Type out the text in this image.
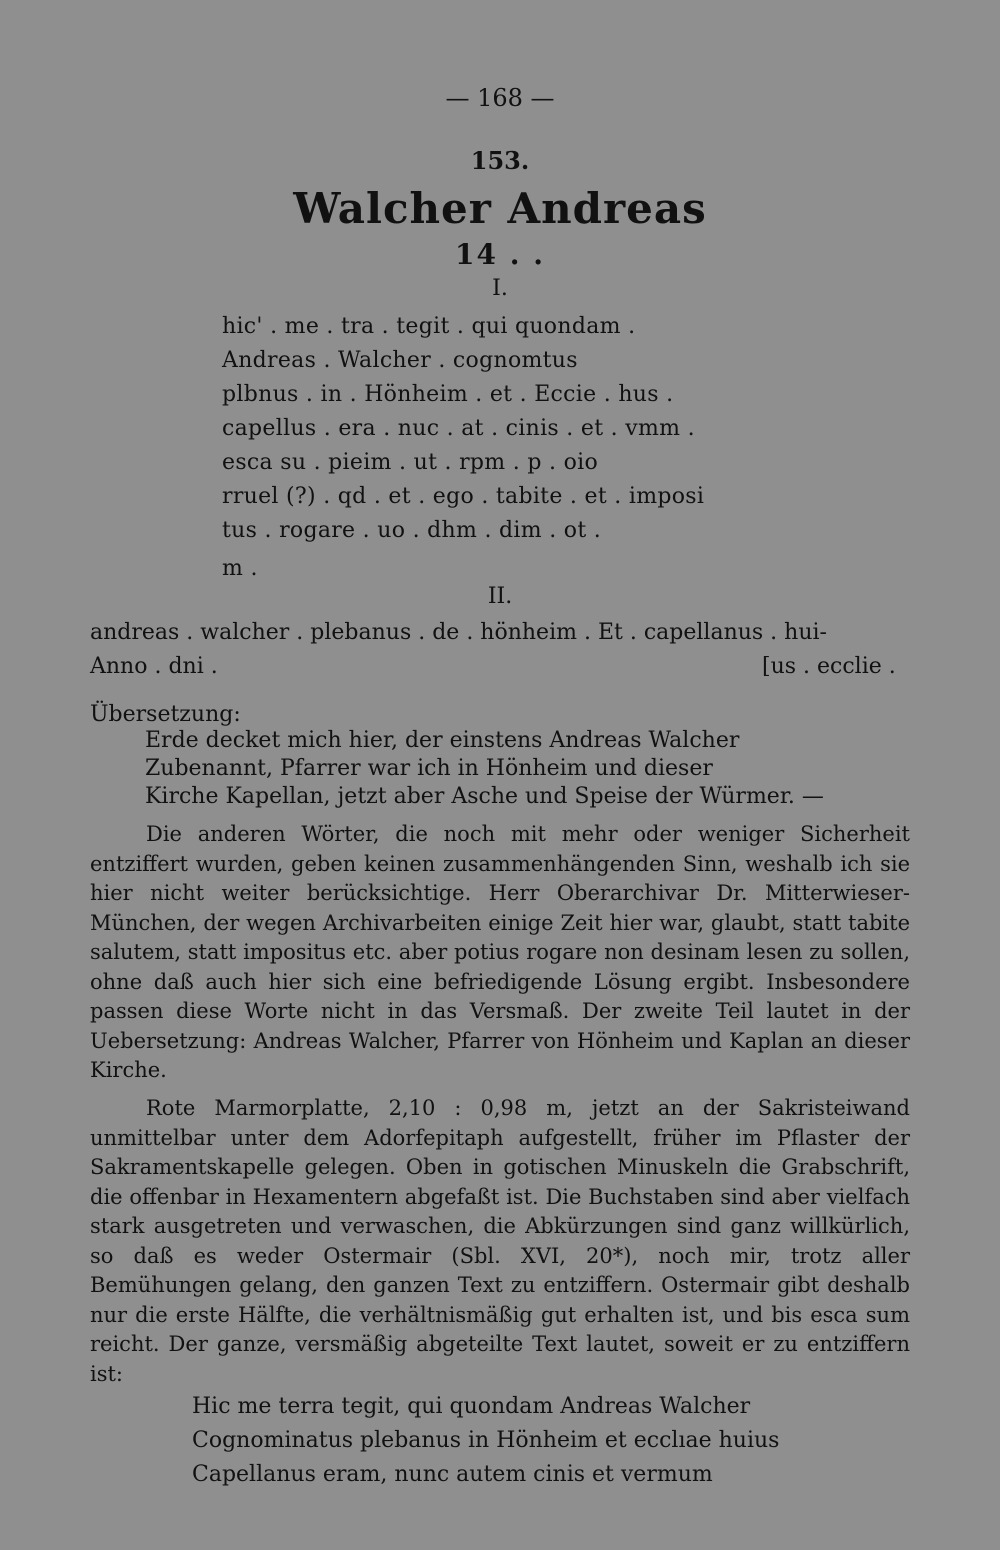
— 168 —
153.
Walcher Andreas
14 . .
I.
hic' . me . tra . tegit . qui quondam .
Andreas . Walcher . cognomtus
plbnus . in . Hönheim . et . Eccie . hus .
capellus . era . nuc . at . cinis . et . vmm .
esca su . pieim . ut . rpm . p . oio
rruel (?) . qd . et . ego . tabite . et . imposi
tus . rogare . uo . dhm . dim . ot .
m .
II.
andreas . walcher . plebanus . de . hönheim . Et . capellanus . hui-
Anno . dni .	[us . ecclie .
Übersetzung:
Erde decket mich hier, der einstens Andreas Walcher
Zubenannt, Pfarrer war ich in Hönheim und dieser
Kirche Kapellan, jetzt aber Asche und Speise der Würmer. —

Die anderen Wörter, die noch mit mehr oder weniger Sicherheit entziffert wurden, geben keinen zusammenhängenden Sinn, weshalb ich sie hier nicht weiter berücksichtige. Herr Oberarchivar Dr. Mitterwieser-München, der wegen Archivarbeiten einige Zeit hier war, glaubt, statt tabite salutem, statt impositus etc. aber potius rogare non desinam lesen zu sollen, ohne daß auch hier sich eine befriedigende Lösung ergibt. Insbesondere passen diese Worte nicht in das Versmaß. Der zweite Teil lautet in der Uebersetzung: Andreas Walcher, Pfarrer von Hönheim und Kaplan an dieser Kirche.

Rote Marmorplatte, 2,10 : 0,98 m, jetzt an der Sakristeiwand unmittelbar unter dem Adorfepitaph aufgestellt, früher im Pflaster der Sakramentskapelle gelegen. Oben in gotischen Minuskeln die Grabschrift, die offenbar in Hexamentern abgefaßt ist. Die Buchstaben sind aber vielfach stark ausgetreten und verwaschen, die Abkürzungen sind ganz willkürlich, so daß es weder Ostermair (Sbl. XVI, 20*), noch mir, trotz aller Bemühungen gelang, den ganzen Text zu entziffern. Ostermair gibt deshalb nur die erste Hälfte, die verhältnismäßig gut erhalten ist, und bis esca sum reicht. Der ganze, versmäßig abgeteilte Text lautet, soweit er zu entziffern ist:

Hic me terra tegit, qui quondam Andreas Walcher
Cognominatus plebanus in Hönheim et ecclıae huius
Capellanus eram, nunc autem cinis et vermum
